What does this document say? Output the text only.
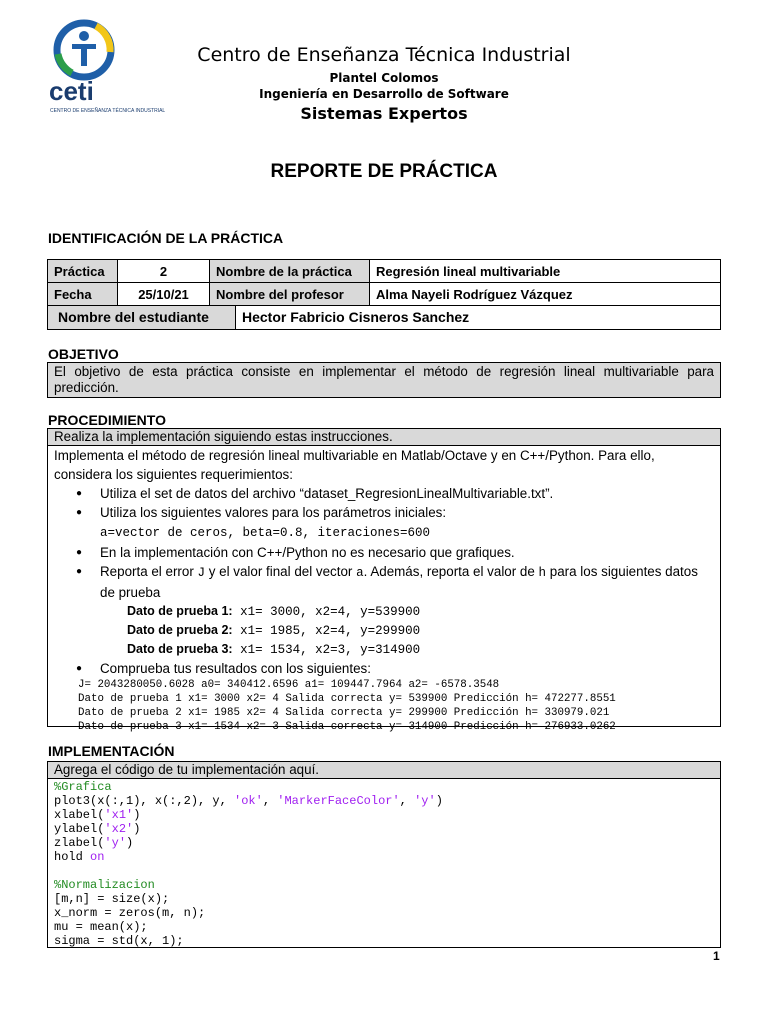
ceti
CENTRO DE ENSEÑANZA TÉCNICA INDUSTRIAL
Centro de Enseñanza Técnica Industrial
Plantel Colomos
Ingeniería en Desarrollo de Software
Sistemas Expertos
REPORTE DE PRÁCTICA
IDENTIFICACIÓN DE LA PRÁCTICA
Práctica	2	Nombre de la práctica	Regresión lineal multivariable
Fecha	25/10/21	Nombre del profesor	Alma Nayeli Rodríguez Vázquez
Nombre del estudiante	Hector Fabricio Cisneros Sanchez
OBJETIVO
El objetivo de esta práctica consiste en implementar el método de regresión lineal multivariable para predicción.
PROCEDIMIENTO
Realiza la implementación siguiendo estas instrucciones.
Implementa el método de regresión lineal multivariable en Matlab/Octave y en C++/Python. Para ello, considera los siguientes requerimientos:
● Utiliza el set de datos del archivo “dataset_RegresionLinealMultivariable.txt”.
● Utiliza los siguientes valores para los parámetros iniciales:
a=vector de ceros, beta=0.8, iteraciones=600
● En la implementación con C++/Python no es necesario que grafiques.
● Reporta el error J y el valor final del vector a. Además, reporta el valor de h para los siguientes datos de prueba
Dato de prueba 1: x1= 3000, x2=4, y=539900
Dato de prueba 2: x1= 1985, x2=4, y=299900
Dato de prueba 3: x1= 1534, x2=3, y=314900
● Comprueba tus resultados con los siguientes:
J= 2043280050.6028 a0= 340412.6596 a1= 109447.7964 a2= -6578.3548
Dato de prueba 1 x1= 3000 x2= 4 Salida correcta y= 539900 Predicción h= 472277.8551
Dato de prueba 2 x1= 1985 x2= 4 Salida correcta y= 299900 Predicción h= 330979.021
Dato de prueba 3 x1= 1534 x2= 3 Salida correcta y= 314900 Predicción h= 276933.0262
IMPLEMENTACIÓN
Agrega el código de tu implementación aquí.
%Grafica
plot3(x(:,1), x(:,2), y, 'ok', 'MarkerFaceColor', 'y')
xlabel('x1')
ylabel('x2')
zlabel('y')
hold on

%Normalizacion
[m,n] = size(x);
x_norm = zeros(m, n);
mu = mean(x);
sigma = std(x, 1);
1
